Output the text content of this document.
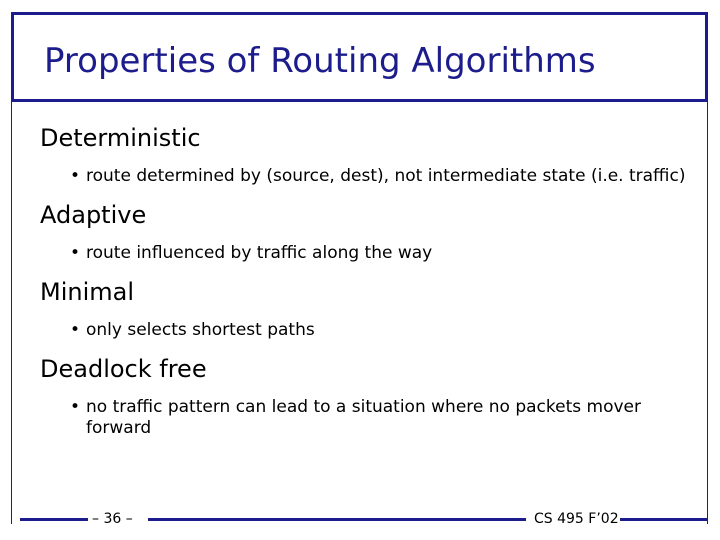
Properties of Routing Algorithms
Deterministic
• route determined by (source, dest), not intermediate state (i.e. traffic)
Adaptive
• route influenced by traffic along the way
Minimal
• only selects shortest paths
Deadlock free
• no traffic pattern can lead to a situation where no packets mover forward
– 36 –	CS 495 F’02
